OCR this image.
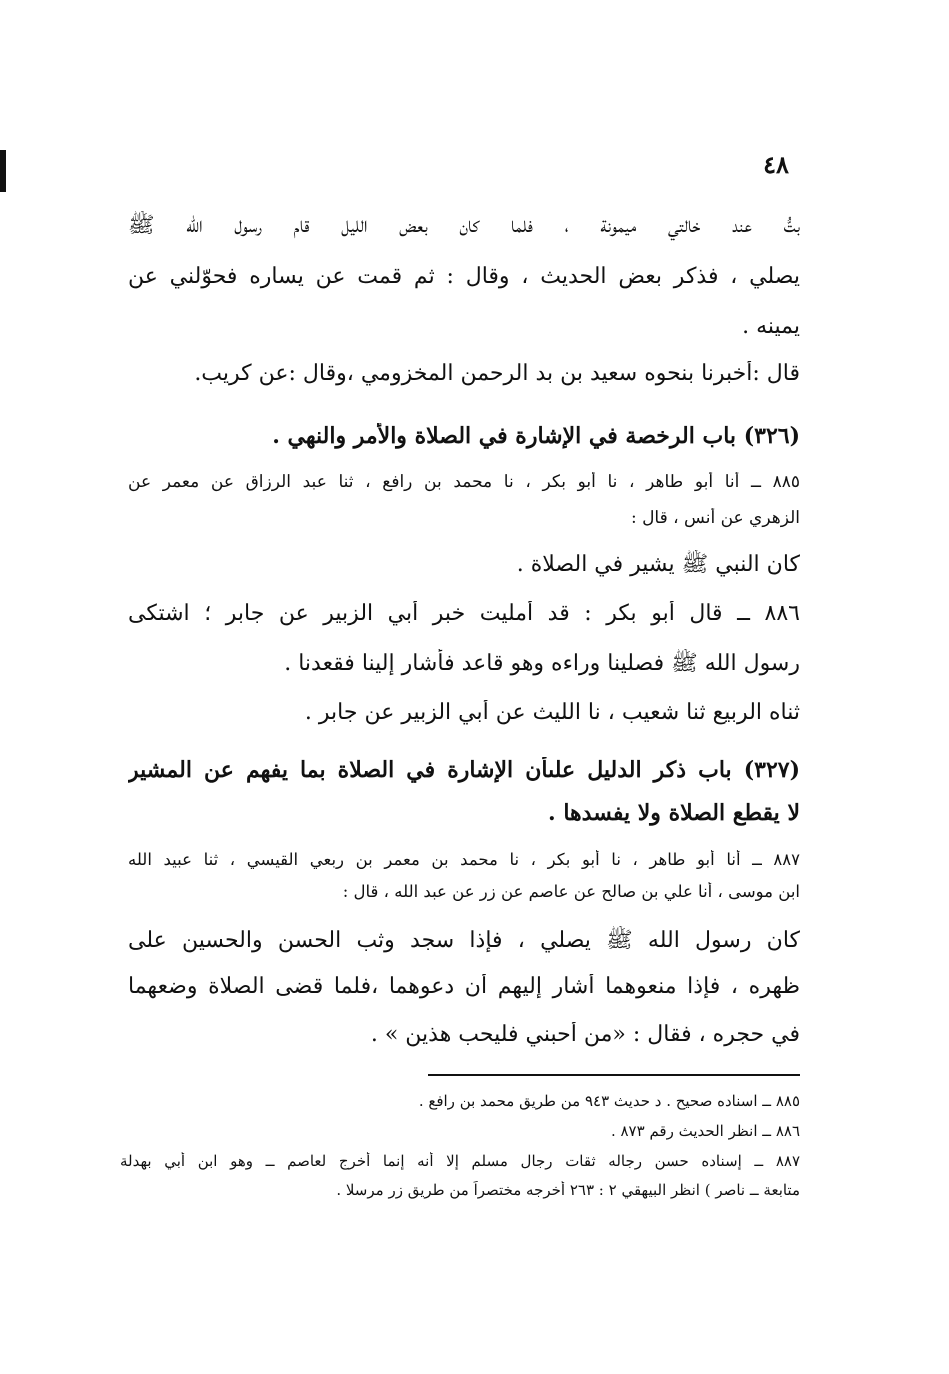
٤٨
بتُّ عند خالتي ميمونة ، فلما كان بعض الليل قام رسول الله ﷺ
يصلي ، فذكر بعض الحديث ، وقال : ثم قمت عن يساره فحوّلني عن
يمينه .
قال :أخبرنا بنحوه سعيد بن بد الرحمن المخزومي ،وقال :عن كريب.
(٣٢٦) باب الرخصة في الإشارة في الصلاة والأمر والنهي .
٨٨٥ ــ أنا أبو طاهر ، نا أبو بكر ، نا محمد بن رافع ، ثنا عبد الرزاق عن معمر عن
الزهري عن أنس ، قال :
كان النبي ﷺ يشير في الصلاة .
٨٨٦ ــ قال أبو بكر : قد أمليت خبر أبي الزبير عن جابر ؛ اشتكى
رسول الله ﷺ فصلينا وراءه وهو قاعد فأشار إلينا فقعدنا .
ثناه الربيع ثنا شعيب ، نا الليث عن أبي الزبير عن جابر .
(٣٢٧) باب ذكر الدليل علىأن الإشارة في الصلاة بما يفهم عن المشير
لا يقطع الصلاة ولا يفسدها .
٨٨٧ ــ أنا أبو طاهر ، نا أبو بكر ، نا محمد بن معمر بن ربعي القيسي ، ثنا عبيد الله
ابن موسى ، أنا علي بن صالح عن عاصم عن زر عن عبد الله ، قال :
كان رسول الله ﷺ يصلي ، فإذا سجد وثب الحسن والحسين على
ظهره ، فإذا منعوهما أشار إليهم أن دعوهما ،فلما قضى الصلاة وضعهما
في حجره ، فقال : «من أحبني فليحب هذين » .
٨٨٥ ــ اسناده صحيح . د حديث ٩٤٣ من طريق محمد بن رافع .
٨٨٦ ــ انظر الحديث رقم ٨٧٣ .
٨٨٧ ــ إسناده حسن رجاله ثقات رجال مسلم إلا أنه إنما أخرج لعاصم ــ وهو ابن أبي بهدلة
متابعة ــ ناصر ) انظر البيهقي ٢ : ٢٦٣ أخرجه مختصراً من طريق زر مرسلا .
